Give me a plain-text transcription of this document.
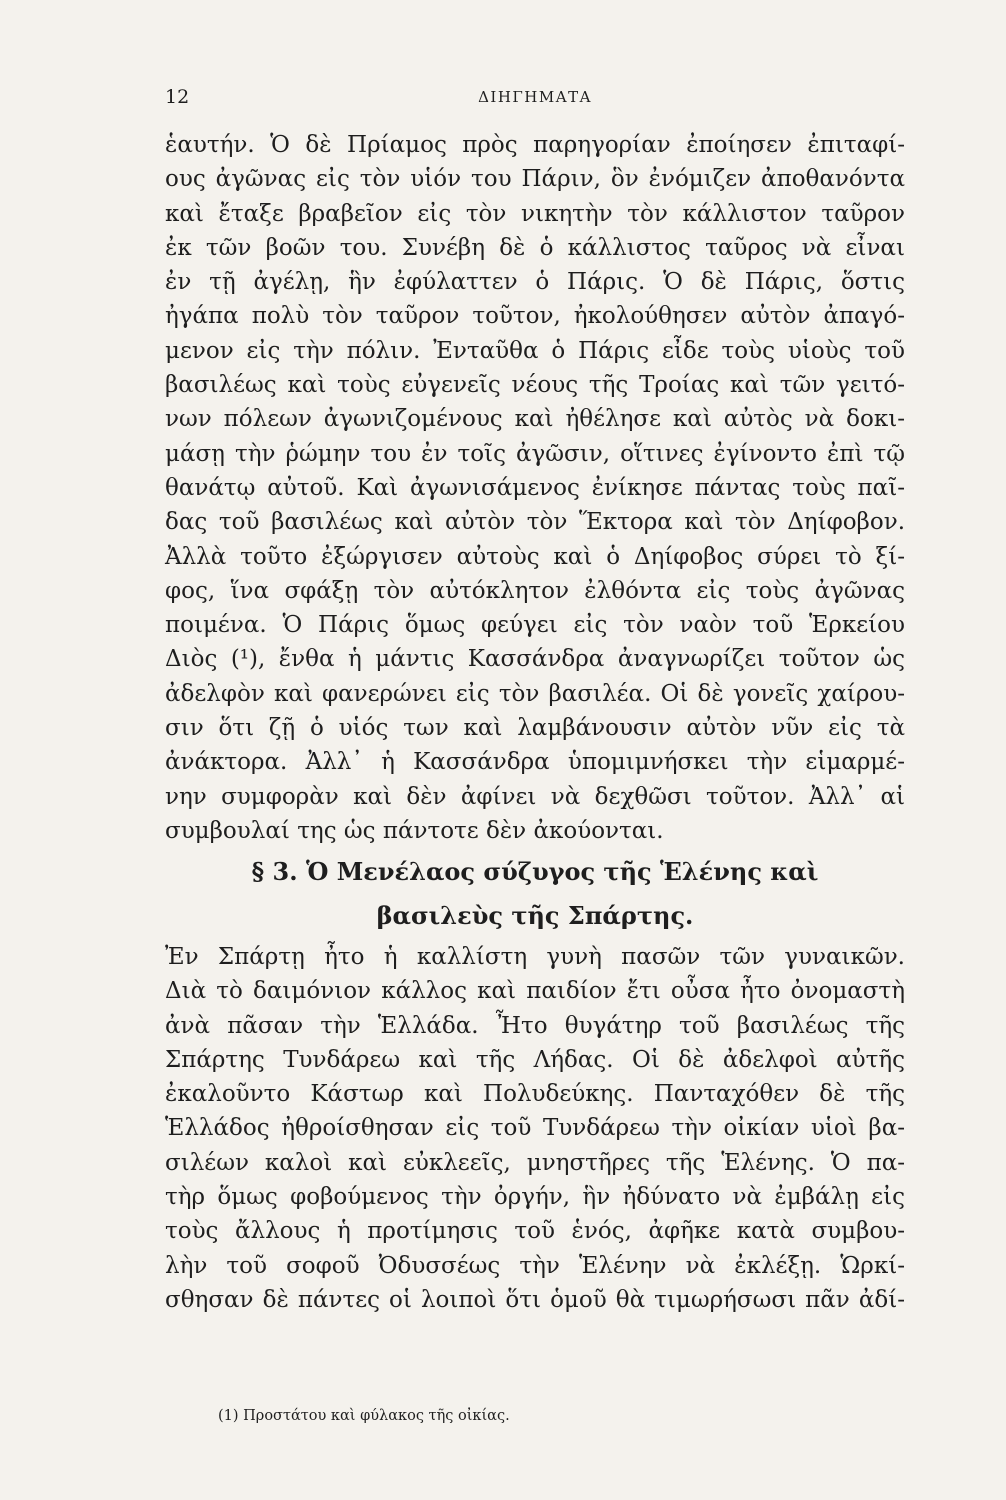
12	ΔΙΗΓΗΜΑΤΑ
ἑαυτήν. Ὁ δὲ Πρίαμος πρὸς παρηγορίαν ἐποίησεν ἐπιταφί-
ους ἀγῶνας εἰς τὸν υἱόν του Πάριν, ὃν ἐνόμιζεν ἀποθανόντα
καὶ ἔταξε βραβεῖον εἰς τὸν νικητὴν τὸν κάλλιστον ταῦρον
ἐκ τῶν βοῶν του. Συνέβη δὲ ὁ κάλλιστος ταῦρος νὰ εἶναι
ἐν τῇ ἀγέλῃ, ἣν ἐφύλαττεν ὁ Πάρις. Ὁ δὲ Πάρις, ὅστις
ἠγάπα πολὺ τὸν ταῦρον τοῦτον, ἠκολούθησεν αὐτὸν ἀπαγό-
μενον εἰς τὴν πόλιν. Ἐνταῦθα ὁ Πάρις εἶδε τοὺς υἱοὺς τοῦ
βασιλέως καὶ τοὺς εὐγενεῖς νέους τῆς Τροίας καὶ τῶν γειτό-
νων πόλεων ἀγωνιζομένους καὶ ἠθέλησε καὶ αὐτὸς νὰ δοκι-
μάσῃ τὴν ῥώμην του ἐν τοῖς ἀγῶσιν, οἵτινες ἐγίνοντο ἐπὶ τῷ
θανάτῳ αὐτοῦ. Καὶ ἀγωνισάμενος ἐνίκησε πάντας τοὺς παῖ-
δας τοῦ βασιλέως καὶ αὐτὸν τὸν Ἕκτορα καὶ τὸν Δηίφοβον.
Ἀλλὰ τοῦτο ἐξώργισεν αὐτοὺς καὶ ὁ Δηίφοβος σύρει τὸ ξί-
φος, ἵνα σφάξῃ τὸν αὐτόκλητον ἐλθόντα εἰς τοὺς ἀγῶνας
ποιμένα. Ὁ Πάρις ὅμως φεύγει εἰς τὸν ναὸν τοῦ Ἑρκείου
Διὸς (¹), ἔνθα ἡ μάντις Κασσάνδρα ἀναγνωρίζει τοῦτον ὡς
ἀδελφὸν καὶ φανερώνει εἰς τὸν βασιλέα. Οἱ δὲ γονεῖς χαίρου-
σιν ὅτι ζῇ ὁ υἱός των καὶ λαμβάνουσιν αὐτὸν νῦν εἰς τὰ
ἀνάκτορα. Ἀλλ᾽ ἡ Κασσάνδρα ὑπομιμνήσκει τὴν εἱμαρμέ-
νην συμφορὰν καὶ δὲν ἀφίνει νὰ δεχθῶσι τοῦτον. Ἀλλ᾽ αἱ
συμβουλαί της ὡς πάντοτε δὲν ἀκούονται.
§ 3. Ὁ Μενέλαος σύζυγος τῆς Ἑλένης καὶ
βασιλεὺς τῆς Σπάρτης.
Ἐν Σπάρτῃ ἦτο ἡ καλλίστη γυνὴ πασῶν τῶν γυναικῶν.
Διὰ τὸ δαιμόνιον κάλλος καὶ παιδίον ἔτι οὖσα ἦτο ὀνομαστὴ
ἀνὰ πᾶσαν τὴν Ἑλλάδα. Ἦτο θυγάτηρ τοῦ βασιλέως τῆς
Σπάρτης Τυνδάρεω καὶ τῆς Λήδας. Οἱ δὲ ἀδελφοὶ αὐτῆς
ἐκαλοῦντο Κάστωρ καὶ Πολυδεύκης. Πανταχόθεν δὲ τῆς
Ἑλλάδος ἠθροίσθησαν εἰς τοῦ Τυνδάρεω τὴν οἰκίαν υἱοὶ βα-
σιλέων καλοὶ καὶ εὐκλεεῖς, μνηστῆρες τῆς Ἑλένης. Ὁ πα-
τὴρ ὅμως φοβούμενος τὴν ὀργήν, ἣν ἠδύνατο νὰ ἐμβάλῃ εἰς
τοὺς ἄλλους ἡ προτίμησις τοῦ ἑνός, ἀφῆκε κατὰ συμβου-
λὴν τοῦ σοφοῦ Ὀδυσσέως τὴν Ἑλένην νὰ ἐκλέξῃ. Ὡρκί-
σθησαν δὲ πάντες οἱ λοιποὶ ὅτι ὁμοῦ θὰ τιμωρήσωσι πᾶν ἀδί-
(1) Προστάτου καὶ φύλακος τῆς οἰκίας.
